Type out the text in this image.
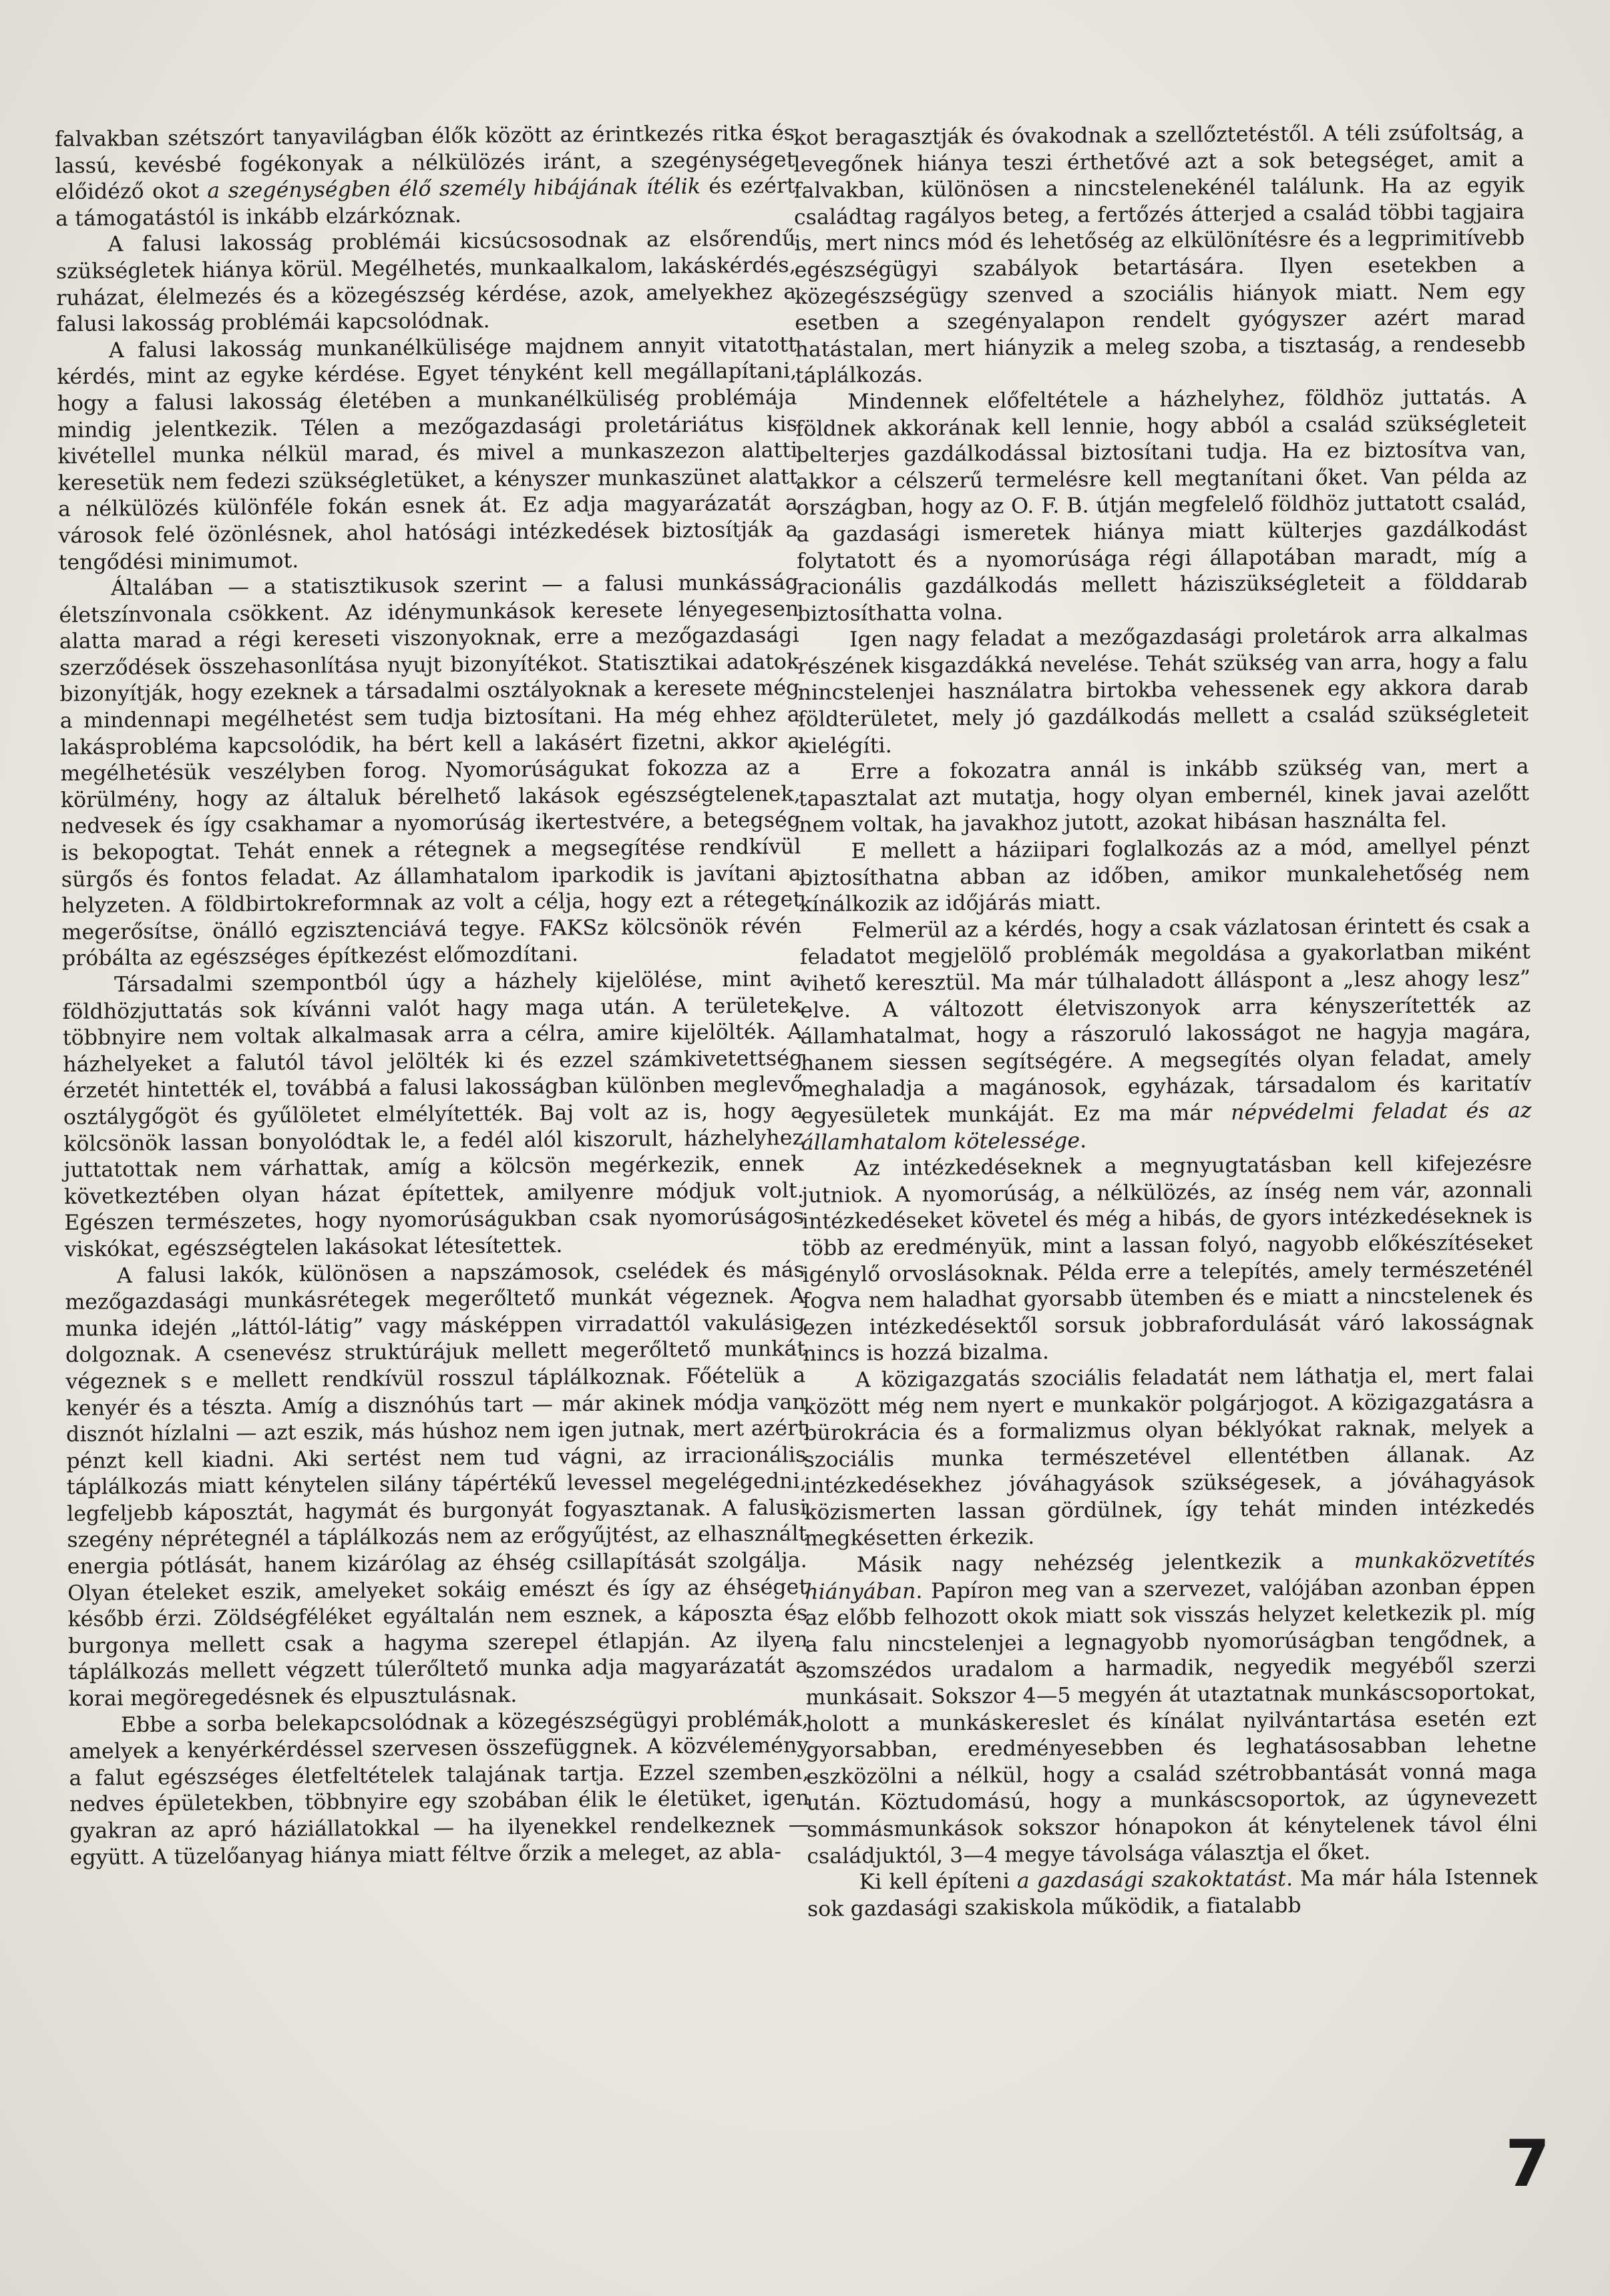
falvakban szétszórt tanyavilágban élők között az érintkezés ritka és lassú, kevésbé fogékonyak a nélkülözés iránt, a szegénységet előidéző okot a szegénységben élő személy hibájának ítélik és ezért a támogatástól is inkább elzárkóznak.

A falusi lakosság problémái kicsúcsosodnak az elsőrendű szükségletek hiánya körül. Megélhetés, munkaalkalom, lakáskérdés, ruházat, élelmezés és a közegészség kérdése, azok, amelyekhez a falusi lakosság problémái kapcsolódnak.

A falusi lakosság munkanélkülisége majdnem annyit vitatott kérdés, mint az egyke kérdése. Egyet tényként kell megállapítani, hogy a falusi lakosság életében a munkanélküliség problémája mindig jelentkezik. Télen a mezőgazdasági proletáriátus kis kivétellel munka nélkül marad, és mivel a munkaszezon alatti keresetük nem fedezi szükségletüket, a kényszer munkaszünet alatt a nélkülözés különféle fokán esnek át. Ez adja magyarázatát a városok felé özönlésnek, ahol hatósági intézkedések biztosítják a tengődési minimumot.

Általában — a statisztikusok szerint — a falusi munkásság életszínvonala csökkent. Az idénymunkások keresete lényegesen alatta marad a régi kereseti viszonyoknak, erre a mezőgazdasági szerződések összehasonlítása nyujt bizonyítékot. Statisztikai adatok bizonyítják, hogy ezeknek a társadalmi osztályoknak a keresete még a mindennapi megélhetést sem tudja biztosítani. Ha még ehhez a lakásprobléma kapcsolódik, ha bért kell a lakásért fizetni, akkor a megélhetésük veszélyben forog. Nyomorúságukat fokozza az a körülmény, hogy az általuk bérelhető lakások egészségtelenek, nedvesek és így csakhamar a nyomorúság ikertestvére, a betegség is bekopogtat. Tehát ennek a rétegnek a megsegítése rendkívül sürgős és fontos feladat. Az államhatalom iparkodik is javítani a helyzeten. A földbirtokreformnak az volt a célja, hogy ezt a réteget megerősítse, önálló egzisztenciává tegye. FAKSz kölcsönök révén próbálta az egészséges építkezést előmozdítani.

Társadalmi szempontból úgy a házhely kijelölése, mint a földhözjuttatás sok kívánni valót hagy maga után. A területek többnyire nem voltak alkalmasak arra a célra, amire kijelölték. A házhelyeket a falutól távol jelölték ki és ezzel számkivetettség érzetét hintették el, továbbá a falusi lakosságban különben meglevő osztálygőgöt és gyűlöletet elmélyítették. Baj volt az is, hogy a kölcsönök lassan bonyolódtak le, a fedél alól kiszorult, házhelyhez juttatottak nem várhattak, amíg a kölcsön megérkezik, ennek következtében olyan házat építettek, amilyenre módjuk volt. Egészen természetes, hogy nyomorúságukban csak nyomorúságos viskókat, egészségtelen lakásokat létesítettek.

A falusi lakók, különösen a napszámosok, cselédek és más mezőgazdasági munkásrétegek megerőltető munkát végeznek. A munka idején „láttól-látig” vagy másképpen virradattól vakulásig dolgoznak. A csenevész struktúrájuk mellett megerőltető munkát végeznek s e mellett rendkívül rosszul táplálkoznak. Főételük a kenyér és a tészta. Amíg a disznóhús tart — már akinek módja van disznót hízlalni — azt eszik, más húshoz nem igen jutnak, mert azért pénzt kell kiadni. Aki sertést nem tud vágni, az irracionális táplálkozás miatt kénytelen silány tápértékű levessel megelégedni, legfeljebb káposztát, hagymát és burgonyát fogyasztanak. A falusi szegény néprétegnél a táplálkozás nem az erőgyűjtést, az elhasznált energia pótlását, hanem kizárólag az éhség csillapítását szolgálja. Olyan ételeket eszik, amelyeket sokáig emészt és így az éhséget később érzi. Zöldségféléket egyáltalán nem esznek, a káposzta és burgonya mellett csak a hagyma szerepel étlapján. Az ilyen táplálkozás mellett végzett túlerőltető munka adja magyarázatát a korai megöregedésnek és elpusztulásnak.

Ebbe a sorba belekapcsolódnak a közegészségügyi problémák, amelyek a kenyérkérdéssel szervesen összefüggnek. A közvélemény a falut egészséges életfeltételek talajának tartja. Ezzel szemben, nedves épületekben, többnyire egy szobában élik le életüket, igen gyakran az apró háziállatokkal — ha ilyenekkel rendelkeznek — együtt. A tüzelőanyag hiánya miatt féltve őrzik a meleget, az abla-

kot beragasztják és óvakodnak a szellőztetéstől. A téli zsúfoltság, a levegőnek hiánya teszi érthetővé azt a sok betegséget, amit a falvakban, különösen a nincstelenekénél találunk. Ha az egyik családtag ragályos beteg, a fertőzés átterjed a család többi tagjaira is, mert nincs mód és lehetőség az elkülönítésre és a legprimitívebb egészségügyi szabályok betartására. Ilyen esetekben a közegészségügy szenved a szociális hiányok miatt. Nem egy esetben a szegényalapon rendelt gyógyszer azért marad hatástalan, mert hiányzik a meleg szoba, a tisztaság, a rendesebb táplálkozás.

Mindennek előfeltétele a házhelyhez, földhöz juttatás. A földnek akkorának kell lennie, hogy abból a család szükségleteit belterjes gazdálkodással biztosítani tudja. Ha ez biztosítva van, akkor a célszerű termelésre kell megtanítani őket. Van példa az országban, hogy az O. F. B. útján megfelelő földhöz juttatott család, a gazdasági ismeretek hiánya miatt külterjes gazdálkodást folytatott és a nyomorúsága régi állapotában maradt, míg a racionális gazdálkodás mellett háziszükségleteit a földdarab biztosíthatta volna.

Igen nagy feladat a mezőgazdasági proletárok arra alkalmas részének kisgazdákká nevelése. Tehát szükség van arra, hogy a falu nincstelenjei használatra birtokba vehessenek egy akkora darab földterületet, mely jó gazdálkodás mellett a család szükségleteit kielégíti.

Erre a fokozatra annál is inkább szükség van, mert a tapasztalat azt mutatja, hogy olyan embernél, kinek javai azelőtt nem voltak, ha javakhoz jutott, azokat hibásan használta fel.

E mellett a háziipari foglalkozás az a mód, amellyel pénzt biztosíthatna abban az időben, amikor munkalehetőség nem kínálkozik az időjárás miatt.

Felmerül az a kérdés, hogy a csak vázlatosan érintett és csak a feladatot megjelölő problémák megoldása a gyakorlatban miként vihető keresztül. Ma már túlhaladott álláspont a „lesz ahogy lesz” elve. A változott életviszonyok arra kényszerítették az államhatalmat, hogy a rászoruló lakosságot ne hagyja magára, hanem siessen segítségére. A megsegítés olyan feladat, amely meghaladja a magánosok, egyházak, társadalom és karitatív egyesületek munkáját. Ez ma már népvédelmi feladat és az államhatalom kötelessége.

Az intézkedéseknek a megnyugtatásban kell kifejezésre jutniok. A nyomorúság, a nélkülözés, az ínség nem vár, azonnali intézkedéseket követel és még a hibás, de gyors intézkedéseknek is több az eredményük, mint a lassan folyó, nagyobb előkészítéseket igénylő orvoslásoknak. Példa erre a telepítés, amely természeténél fogva nem haladhat gyorsabb ütemben és e miatt a nincstelenek és ezen intézkedésektől sorsuk jobbrafordulását váró lakosságnak nincs is hozzá bizalma.

A közigazgatás szociális feladatát nem láthatja el, mert falai között még nem nyert e munkakör polgárjogot. A közigazgatásra a bürokrácia és a formalizmus olyan béklyókat raknak, melyek a szociális munka természetével ellentétben állanak. Az intézkedésekhez jóváhagyások szükségesek, a jóváhagyások közismerten lassan gördülnek, így tehát minden intézkedés megkésetten érkezik.

Másik nagy nehézség jelentkezik a munkaközvetítés hiányában. Papíron meg van a szervezet, valójában azonban éppen az előbb felhozott okok miatt sok visszás helyzet keletkezik pl. míg a falu nincstelenjei a legnagyobb nyomorúságban tengődnek, a szomszédos uradalom a harmadik, negyedik megyéből szerzi munkásait. Sokszor 4—5 megyén át utaztatnak munkáscsoportokat, holott a munkáskereslet és kínálat nyilvántartása esetén ezt gyorsabban, eredményesebben és leghatásosabban lehetne eszközölni a nélkül, hogy a család szétrobbantását vonná maga után. Köztudomású, hogy a munkáscsoportok, az úgynevezett sommásmunkások sokszor hónapokon át kénytelenek távol élni családjuktól, 3—4 megye távolsága választja el őket.

Ki kell építeni a gazdasági szakoktatást. Ma már hála Istennek sok gazdasági szakiskola működik, a fiatalabb

7
